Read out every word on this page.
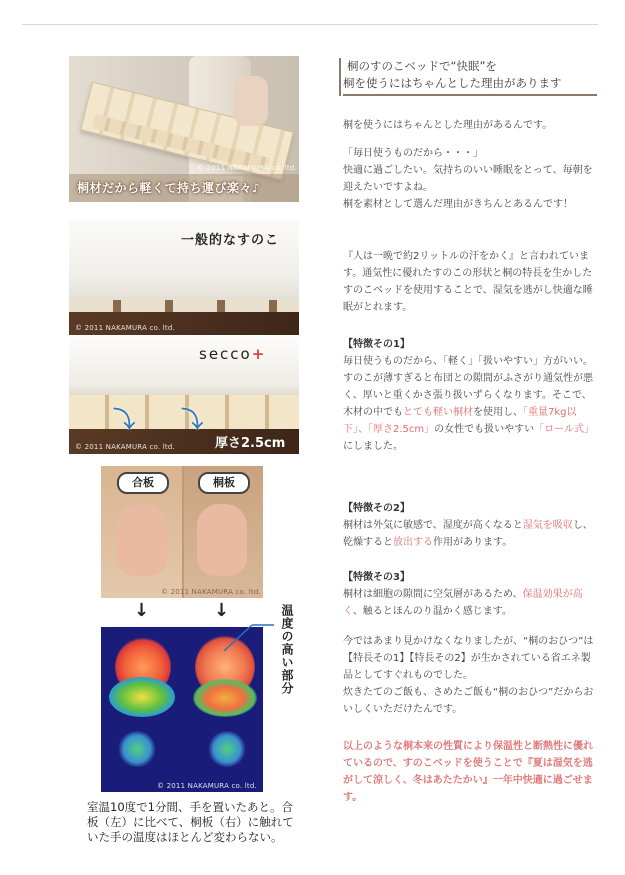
© 2011 NAKAMURA co. ltd.
桐材だから軽くて持ち運び楽々♪
一般的なすのこ
© 2011 NAKAMURA co. ltd.
secco+
⤵ ⤵
厚さ2.5cm
© 2011 NAKAMURA co. ltd.
合板	桐板
© 2011 NAKAMURA co. ltd.
↓	↓
© 2011 NAKAMURA co. ltd.
温度の高い部分
室温10度で1分間、手を置いたあと。合板（左）に比べて、桐板（右）に触れていた手の温度はほとんど変わらない。
桐のすのこベッドで“快眠”を
桐を使うにはちゃんとした理由があります
桐を使うにはちゃんとした理由があるんです。
「毎日使うものだから・・・」
快適に過ごしたい。気持ちのいい睡眠をとって、毎朝を迎えたいですよね。
桐を素材として選んだ理由がきちんとあるんです！
『人は一晩で約2リットルの汗をかく』と言われています。通気性に優れたすのこの形状と桐の特長を生かしたすのこベッドを使用することで、湿気を逃がし快適な睡眠がとれます。
【特徴その1】
毎日使うものだから、「軽く」「扱いやすい」方がいい。
すのこが薄すぎると布団との隙間がふさがり通気性が悪く、厚いと重くかさ張り扱いずらくなります。そこで、木材の中でもとても軽い桐材を使用し、「重量7kg以下」、「厚さ2.5cm」の女性でも扱いやすい「ロール式」にしました。
【特徴その2】
桐材は外気に敏感で、湿度が高くなると湿気を吸収し、乾燥すると放出する作用があります。
【特徴その3】
桐材は細胞の隙間に空気層があるため、保温効果が高く、触るとほんのり温かく感じます。
今ではあまり見かけなくなりましたが、“桐のおひつ”は【特長その1】【特長その2】が生かされている省エネ製品としてすぐれものでした。
炊きたてのご飯も、さめたご飯も“桐のおひつ”だからおいしくいただけたんです。
以上のような桐本来の性質により保温性と断熱性に優れているので、すのこベッドを使うことで『夏は湿気を逃がして涼しく、冬はあたたかい』一年中快適に過ごせます。
